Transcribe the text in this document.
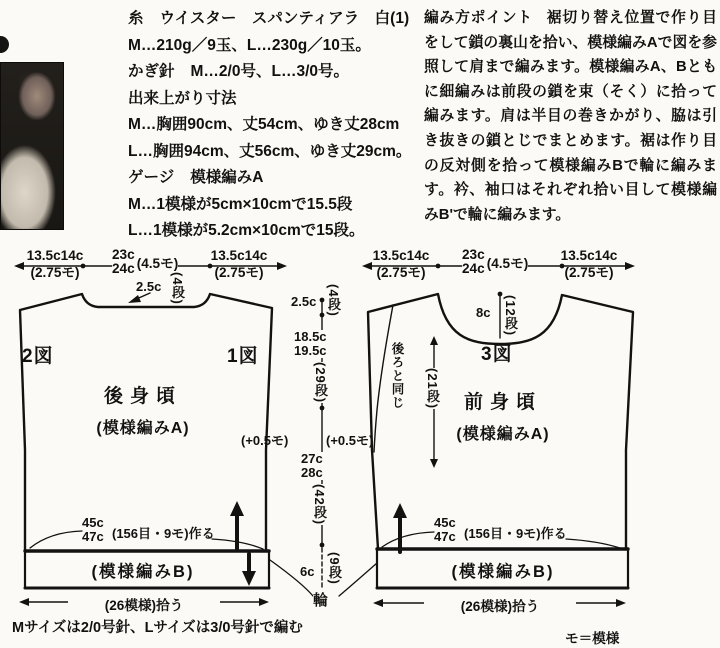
糸 ウイスター　スパンティアラ　白(1)
M…210g／9玉、L…230g／10玉。
かぎ針 M…2/0号、L…3/0号。
出来上がり寸法
M…胸囲90cm、丈54cm、ゆき丈28cm
L…胸囲94cm、丈56cm、ゆき丈29cm。
ゲージ 模様編みA
M…1模様が5cm×10cmで15.5段
L…1模様が5.2cm×10cmで15段。
編み方ポイント 裾切り替え位置で作り目をして鎖の裏山を拾い、模様編みAで図を参照して肩まで編みます。模様編みA、Bともに細編みは前段の鎖を束（そく）に拾って編みます。肩は半目の巻きかがり、脇は引き抜きの鎖とじでまとめます。裾は作り目の反対側を拾って模様編みBで輪に編みます。衿、袖口はそれぞれ拾い目して模様編みB'で輪に編みます。
13.5c14c
(2.75モ)
23c
24c (4.5モ)
13.5c14c
(2.75モ)
13.5c14c
(2.75モ)
23c
24c (4.5モ)
13.5c14c
(2.75モ)
2.5c (4段)
2図	1図	3図
後身頃
(模様編みA)
前身頃
(模様編みA)
2.5c (4段)
18.5c
19.5c
(29段)
(+0.5モ)	(+0.5モ)
27c
28c
(42段)
6c (9段)
輪
8c (12段)
後ろと同じ (21段)
45c
47c (156目・9モ)作る
45c
47c (156目・9モ)作る
(模様編みB)	(模様編みB)
(26模様)拾う	(26模様)拾う
Mサイズは2/0号針、Lサイズは3/0号針で編む
モ＝模様
